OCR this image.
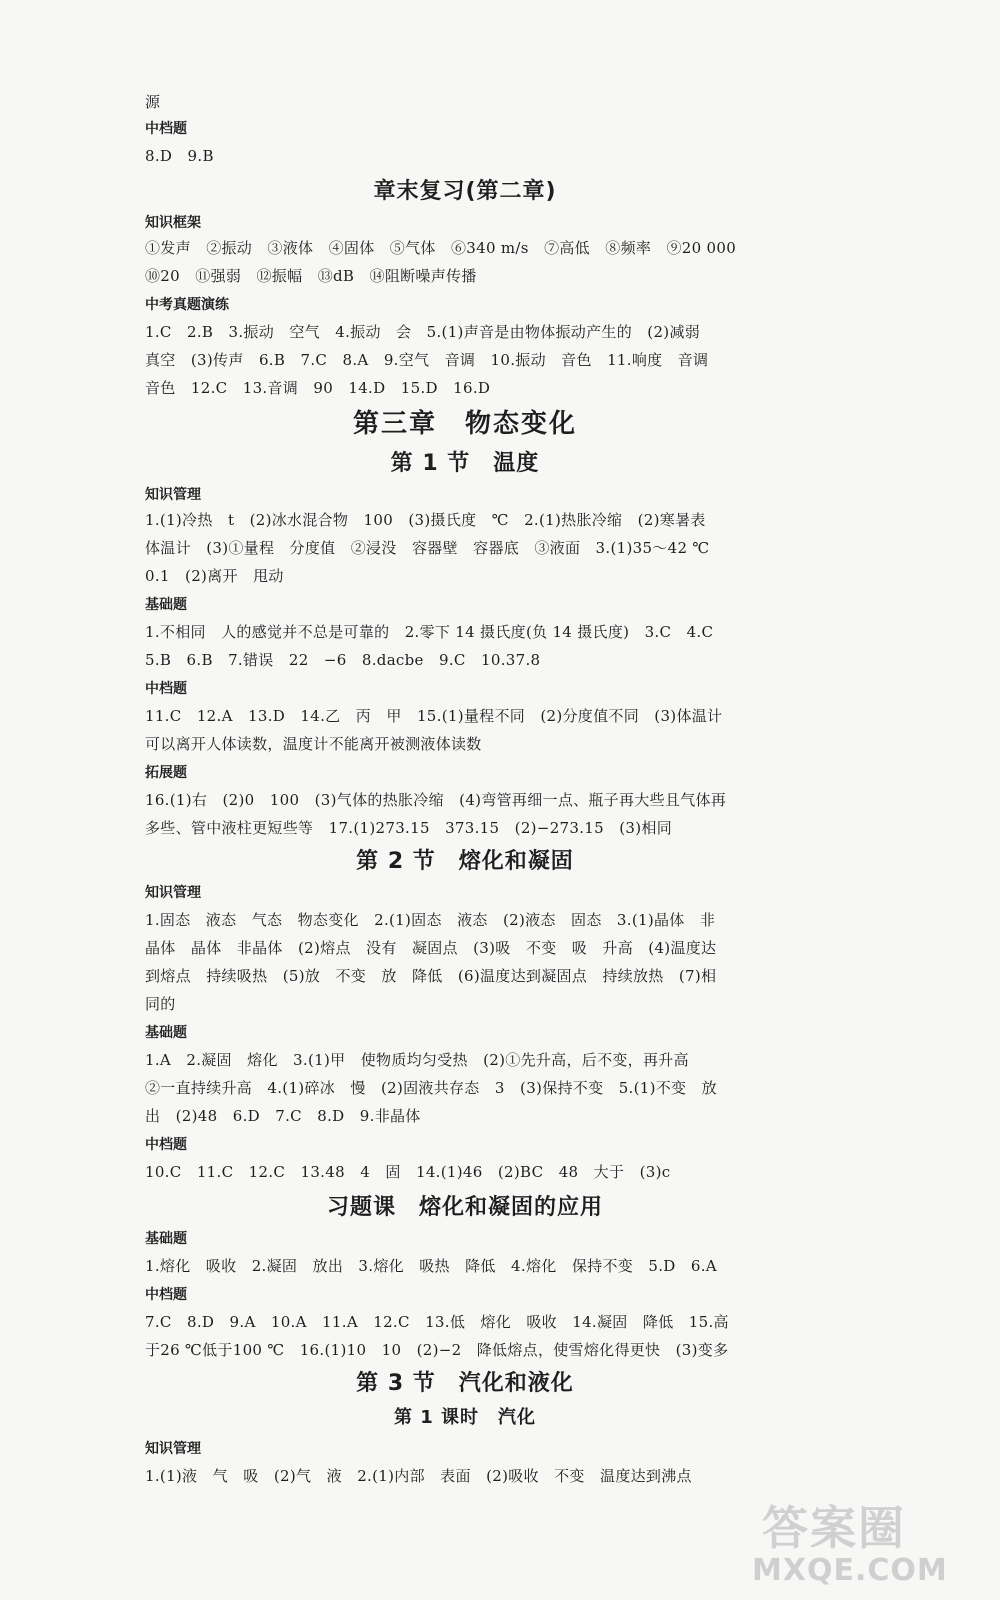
源
中档题
8.D　9.B
章末复习(第二章)
知识框架
①发声　②振动　③液体　④固体　⑤气体　⑥340 m/s　⑦高低　⑧频率　⑨20 000
⑩20　⑪强弱　⑫振幅　⑬dB　⑭阻断噪声传播
中考真题演练
1.C　2.B　3.振动　空气　4.振动　会　5.(1)声音是由物体振动产生的　(2)减弱
真空　(3)传声　6.B　7.C　8.A　9.空气　音调　10.振动　音色　11.响度　音调
音色　12.C　13.音调　90　14.D　15.D　16.D
第三章　物态变化
第 1 节　温度
知识管理
1.(1)冷热　t　(2)冰水混合物　100　(3)摄氏度　℃　2.(1)热胀冷缩　(2)寒暑表
体温计　(3)①量程　分度值　②浸没　容器壁　容器底　③液面　3.(1)35～42 ℃
0.1　(2)离开　甩动
基础题
1.不相同　人的感觉并不总是可靠的　2.零下 14 摄氏度(负 14 摄氏度)　3.C　4.C
5.B　6.B　7.错误　22　−6　8.dacbe　9.C　10.37.8
中档题
11.C　12.A　13.D　14.乙　丙　甲　15.(1)量程不同　(2)分度值不同　(3)体温计
可以离开人体读数，温度计不能离开被测液体读数
拓展题
16.(1)右　(2)0　100　(3)气体的热胀冷缩　(4)弯管再细一点、瓶子再大些且气体再
多些、管中液柱更短些等　17.(1)273.15　373.15　(2)−273.15　(3)相同
第 2 节　熔化和凝固
知识管理
1.固态　液态　气态　物态变化　2.(1)固态　液态　(2)液态　固态　3.(1)晶体　非
晶体　晶体　非晶体　(2)熔点　没有　凝固点　(3)吸　不变　吸　升高　(4)温度达
到熔点　持续吸热　(5)放　不变　放　降低　(6)温度达到凝固点　持续放热　(7)相
同的
基础题
1.A　2.凝固　熔化　3.(1)甲　使物质均匀受热　(2)①先升高，后不变，再升高
②一直持续升高　4.(1)碎冰　慢　(2)固液共存态　3　(3)保持不变　5.(1)不变　放
出　(2)48　6.D　7.C　8.D　9.非晶体
中档题
10.C　11.C　12.C　13.48　4　固　14.(1)46　(2)BC　48　大于　(3)c
习题课　熔化和凝固的应用
基础题
1.熔化　吸收　2.凝固　放出　3.熔化　吸热　降低　4.熔化　保持不变　5.D　6.A
中档题
7.C　8.D　9.A　10.A　11.A　12.C　13.低　熔化　吸收　14.凝固　降低　15.高
于26 ℃低于100 ℃　16.(1)10　10　(2)−2　降低熔点，使雪熔化得更快　(3)变多
第 3 节　汽化和液化
第 1 课时　汽化
知识管理
1.(1)液　气　吸　(2)气　液　2.(1)内部　表面　(2)吸收　不变　温度达到沸点
答案圈
MXQE.COM
